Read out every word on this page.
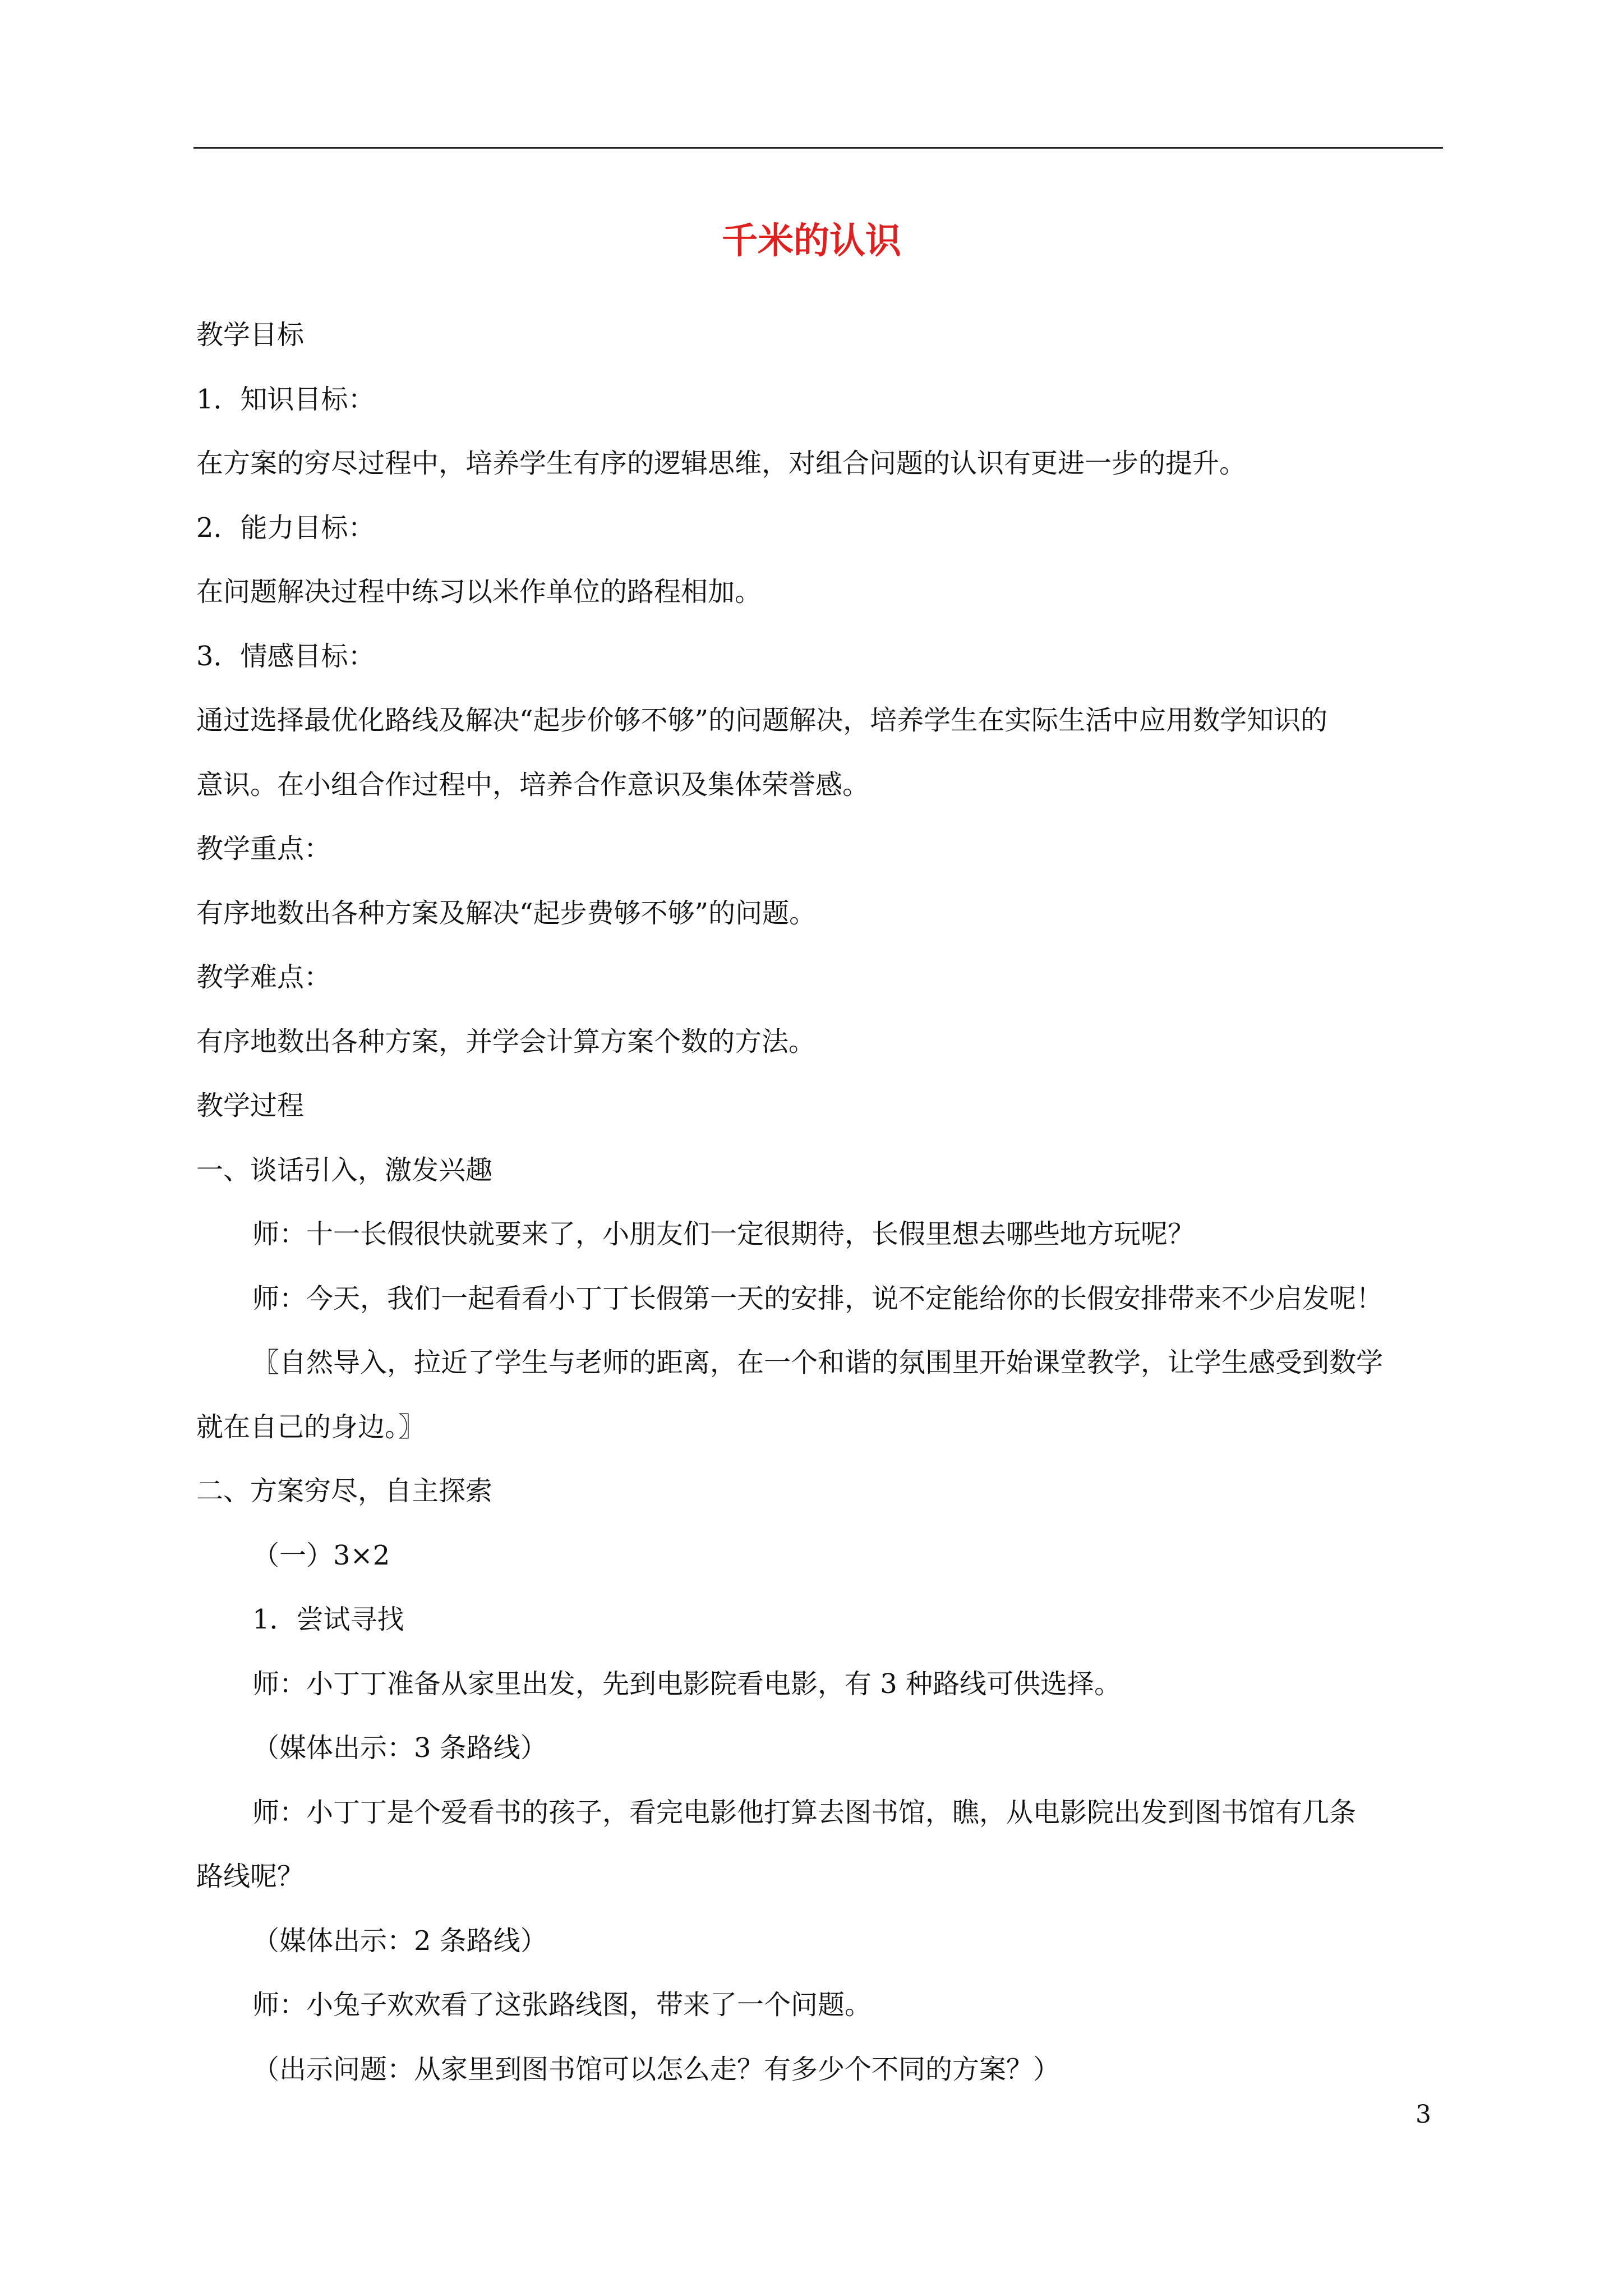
千米的认识

教学目标

1．知识目标：

在方案的穷尽过程中，培养学生有序的逻辑思维，对组合问题的认识有更进一步的提升。

2．能力目标：

在问题解决过程中练习以米作单位的路程相加。

3．情感目标：

通过选择最优化路线及解决“起步价够不够”的问题解决，培养学生在实际生活中应用数学知识的

意识。在小组合作过程中，培养合作意识及集体荣誉感。

教学重点：

有序地数出各种方案及解决“起步费够不够”的问题。

教学难点：

有序地数出各种方案，并学会计算方案个数的方法。

教学过程

一、谈话引入，激发兴趣

师：十一长假很快就要来了，小朋友们一定很期待，长假里想去哪些地方玩呢？

师：今天，我们一起看看小丁丁长假第一天的安排，说不定能给你的长假安排带来不少启发呢！

〖自然导入，拉近了学生与老师的距离，在一个和谐的氛围里开始课堂教学，让学生感受到数学

就在自己的身边。〗

二、方案穷尽，自主探索

（一）3×2

1．尝试寻找

师：小丁丁准备从家里出发，先到电影院看电影，有 3 种路线可供选择。

（媒体出示：3 条路线）

师：小丁丁是个爱看书的孩子，看完电影他打算去图书馆，瞧，从电影院出发到图书馆有几条

路线呢？

（媒体出示：2 条路线）

师：小兔子欢欢看了这张路线图，带来了一个问题。

（出示问题：从家里到图书馆可以怎么走？有多少个不同的方案？）

3
